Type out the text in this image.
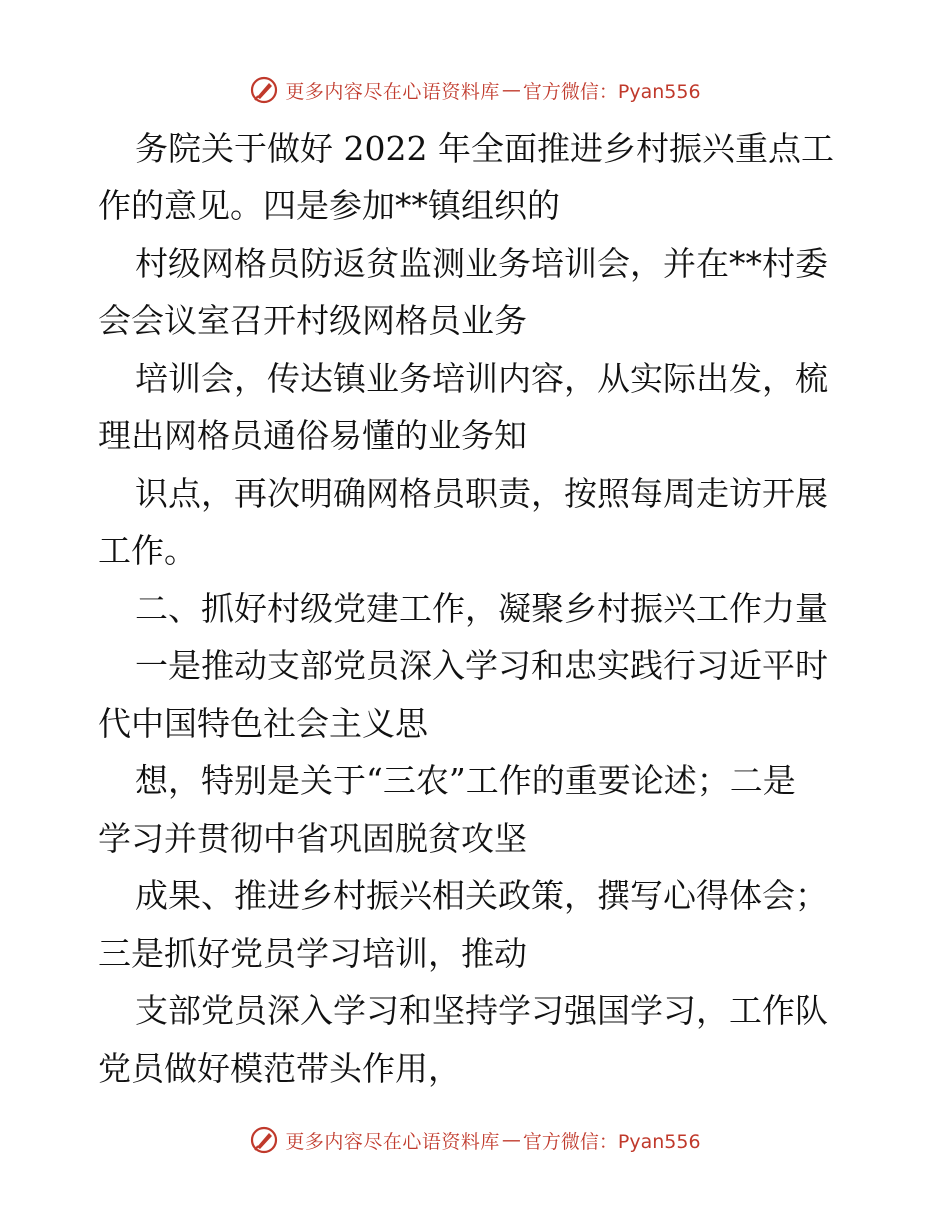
更多内容尽在心语资料库 — 官方微信：Pyan556
务院关于做好 2022 年全面推进乡村振兴重点工
作的意见。四是参加**镇组织的
村级网格员防返贫监测业务培训会，并在**村委
会会议室召开村级网格员业务
培训会，传达镇业务培训内容，从实际出发，梳
理出网格员通俗易懂的业务知
识点，再次明确网格员职责，按照每周走访开展
工作。
二、抓好村级党建工作，凝聚乡村振兴工作力量
一是推动支部党员深入学习和忠实践行习近平时
代中国特色社会主义思
想，特别是关于“三农”工作的重要论述；二是
学习并贯彻中省巩固脱贫攻坚
成果、推进乡村振兴相关政策，撰写心得体会；
三是抓好党员学习培训，推动
支部党员深入学习和坚持学习强国学习，工作队
党员做好模范带头作用，
更多内容尽在心语资料库 — 官方微信：Pyan556
